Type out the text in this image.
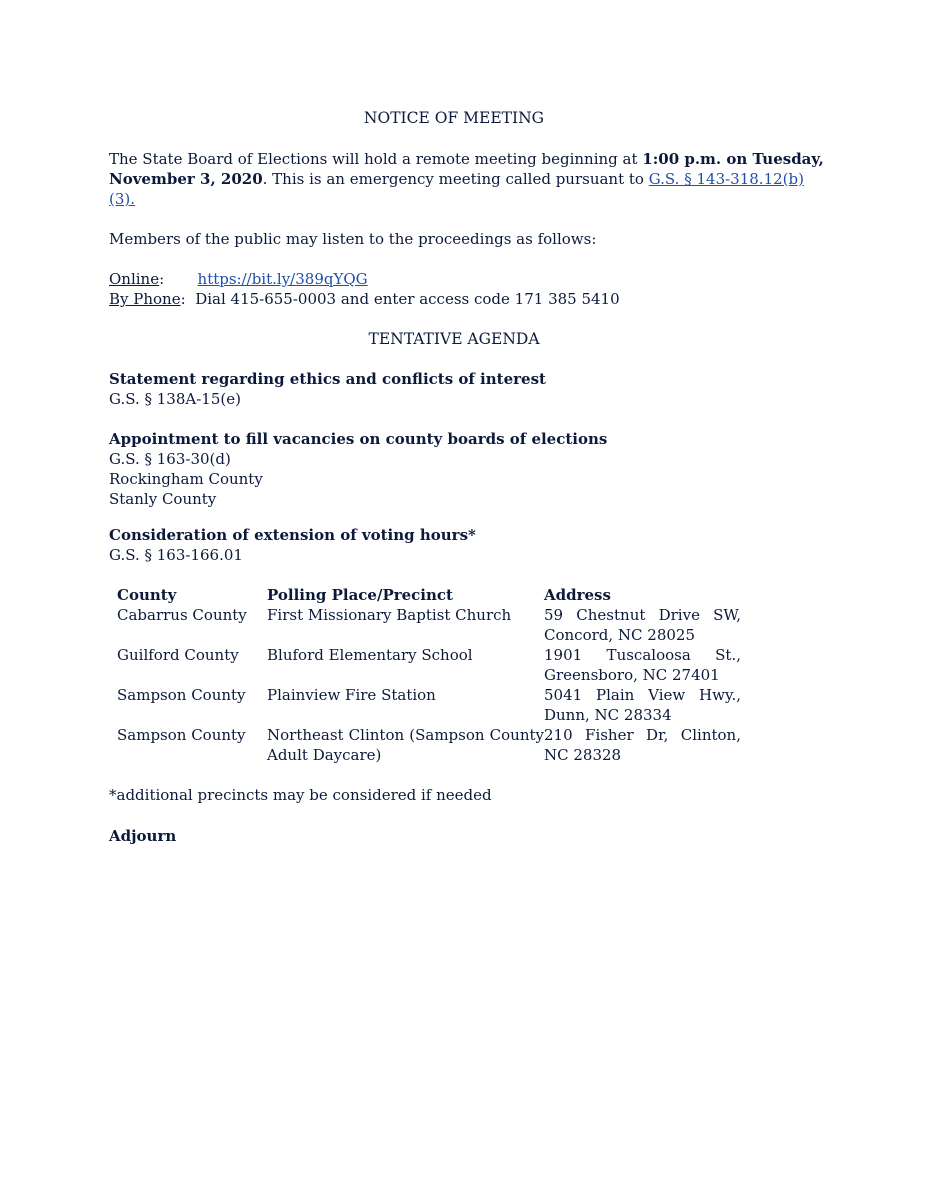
NOTICE OF MEETING

The State Board of Elections will hold a remote meeting beginning at 1:00 p.m. on Tuesday, November 3, 2020. This is an emergency meeting called pursuant to G.S. § 143-318.12(b)(3).

Members of the public may listen to the proceedings as follows:

Online:       https://bit.ly/389qYQG

By Phone:  Dial 415-655-0003 and enter access code 171 385 5410

TENTATIVE AGENDA

Statement regarding ethics and conflicts of interest

G.S. § 138A-15(e)

Appointment to fill vacancies on county boards of elections

G.S. § 163-30(d)

Rockingham County

Stanly County

Consideration of extension of voting hours*

G.S. § 163-166.01

County	Polling Place/Precinct	Address
Cabarrus County	First Missionary Baptist Church	59 Chestnut Drive SW, Concord, NC 28025
Guilford County	Bluford Elementary School	1901 Tuscaloosa St., Greensboro, NC 27401
Sampson County	Plainview Fire Station	5041 Plain View Hwy., Dunn, NC 28334
Sampson County	Northeast Clinton (Sampson County Adult Daycare)	210 Fisher Dr, Clinton, NC 28328

*additional precincts may be considered if needed

Adjourn
